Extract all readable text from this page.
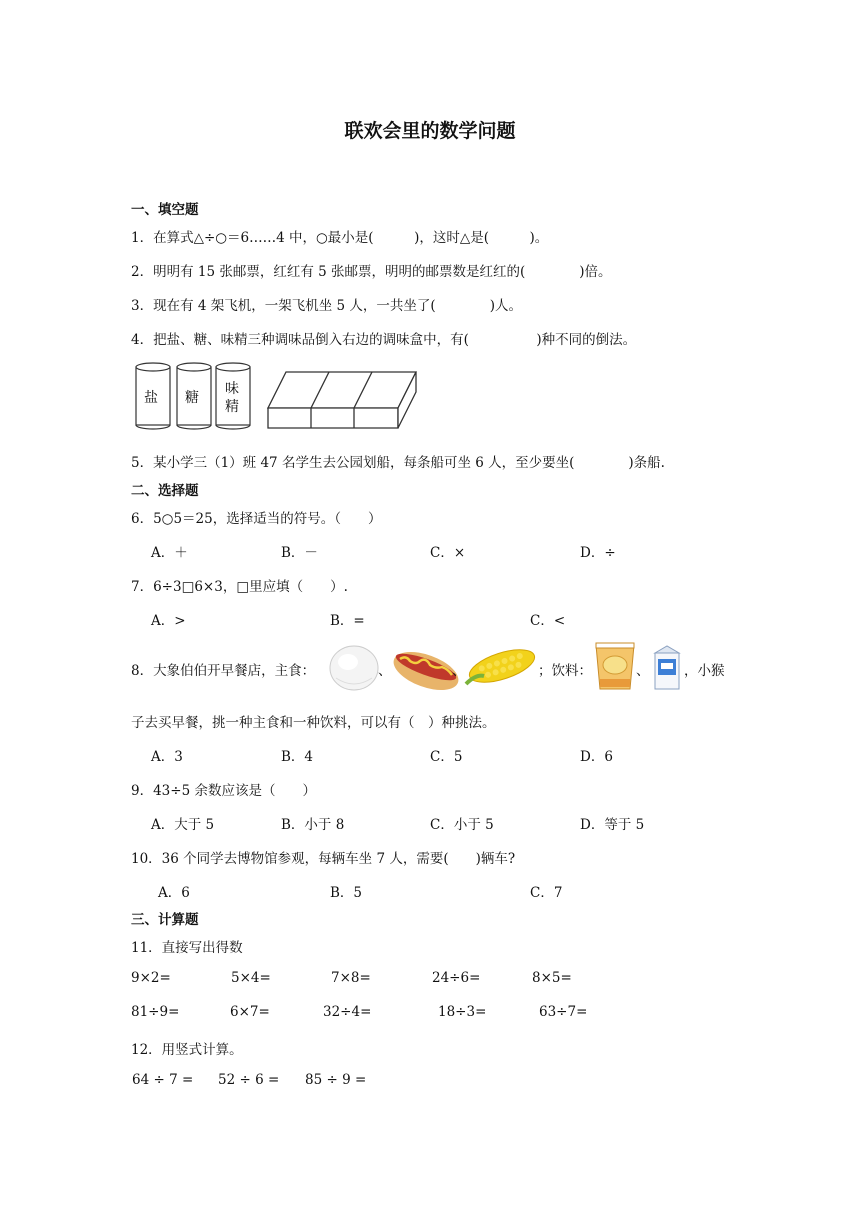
联欢会里的数学问题
一、填空题
1．在算式△÷○＝6……4 中，○最小是(　　　)，这时△是(　　　)。
2．明明有 15 张邮票，红红有 5 张邮票，明明的邮票数是红红的(　　　　)倍。
3．现在有 4 架飞机，一架飞机坐 5 人，一共坐了(　　　　)人。
4．把盐、糖、味精三种调味品倒入右边的调味盒中，有(　　　　　)种不同的倒法。
盐 糖
味精
5．某小学三（1）班 47 名学生去公园划船，每条船可坐 6 人，至少要坐(　　　　)条船.
二、选择题
6．5○5＝25，选择适当的符号。（　　）
A．＋	B．－	C．×	D．÷
7．6÷3□6×3，□里应填（　　）.
A．>	B．=	C．<
8．大象伯伯开早餐店，主食：	、	、	；饮料：	、	，小猴
子去买早餐，挑一种主食和一种饮料，可以有（　）种挑法。
A．3	B．4	C．5	D．6
9．43÷5 余数应该是（　　）
A．大于 5	B．小于 8	C．小于 5	D．等于 5
10．36 个同学去博物馆参观，每辆车坐 7 人，需要(　　)辆车?
A．6	B．5	C．7
三、计算题
11．直接写出得数
9×2=	5×4=	7×8=	24÷6=	8×5=
81÷9=	6×7=	32÷4=	18÷3=	63÷7=
12．用竖式计算。
64 ÷ 7 = 52 ÷ 6 = 85 ÷ 9 =
